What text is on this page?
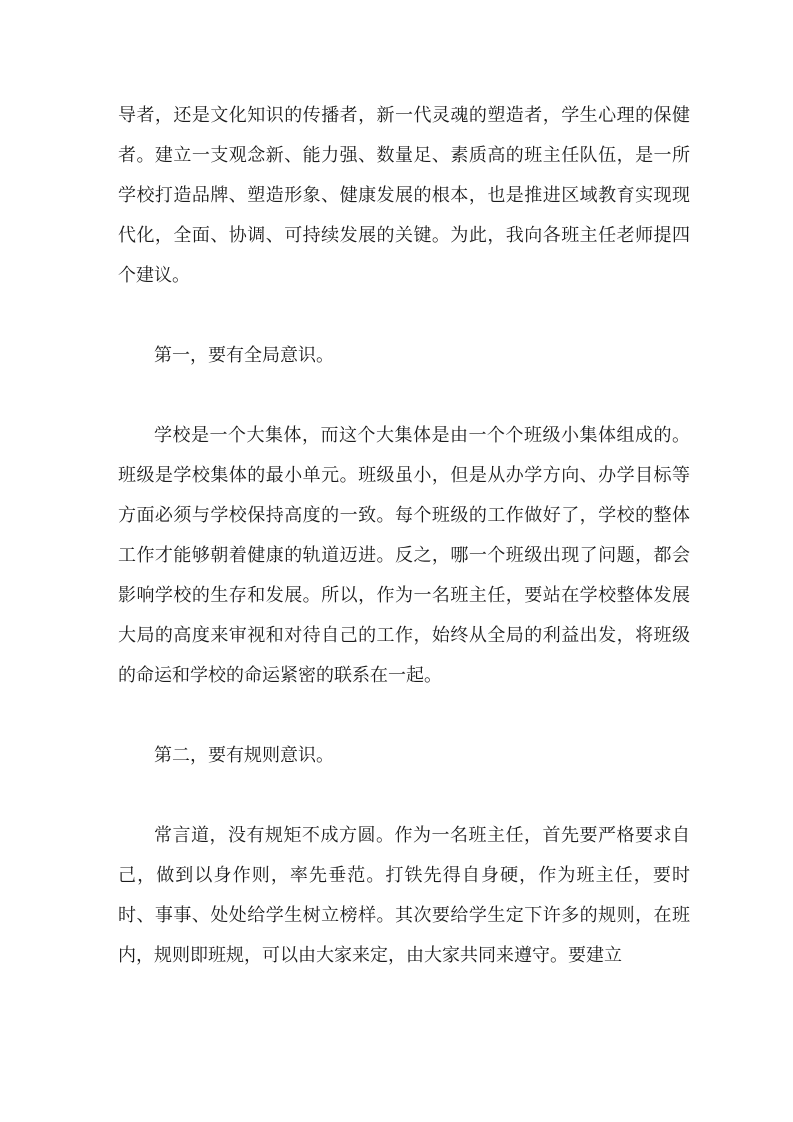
导者，还是文化知识的传播者，新一代灵魂的塑造者，学生心理的保健者。建立一支观念新、能力强、数量足、素质高的班主任队伍，是一所学校打造品牌、塑造形象、健康发展的根本，也是推进区域教育实现现代化，全面、协调、可持续发展的关键。为此，我向各班主任老师提四个建议。

第一，要有全局意识。

学校是一个大集体，而这个大集体是由一个个班级小集体组成的。班级是学校集体的最小单元。班级虽小，但是从办学方向、办学目标等方面必须与学校保持高度的一致。每个班级的工作做好了，学校的整体工作才能够朝着健康的轨道迈进。反之，哪一个班级出现了问题，都会影响学校的生存和发展。所以，作为一名班主任，要站在学校整体发展大局的高度来审视和对待自己的工作，始终从全局的利益出发，将班级的命运和学校的命运紧密的联系在一起。

第二，要有规则意识。

常言道，没有规矩不成方圆。作为一名班主任，首先要严格要求自己，做到以身作则，率先垂范。打铁先得自身硬，作为班主任，要时时、事事、处处给学生树立榜样。其次要给学生定下许多的规则，在班内，规则即班规，可以由大家来定，由大家共同来遵守。要建立
